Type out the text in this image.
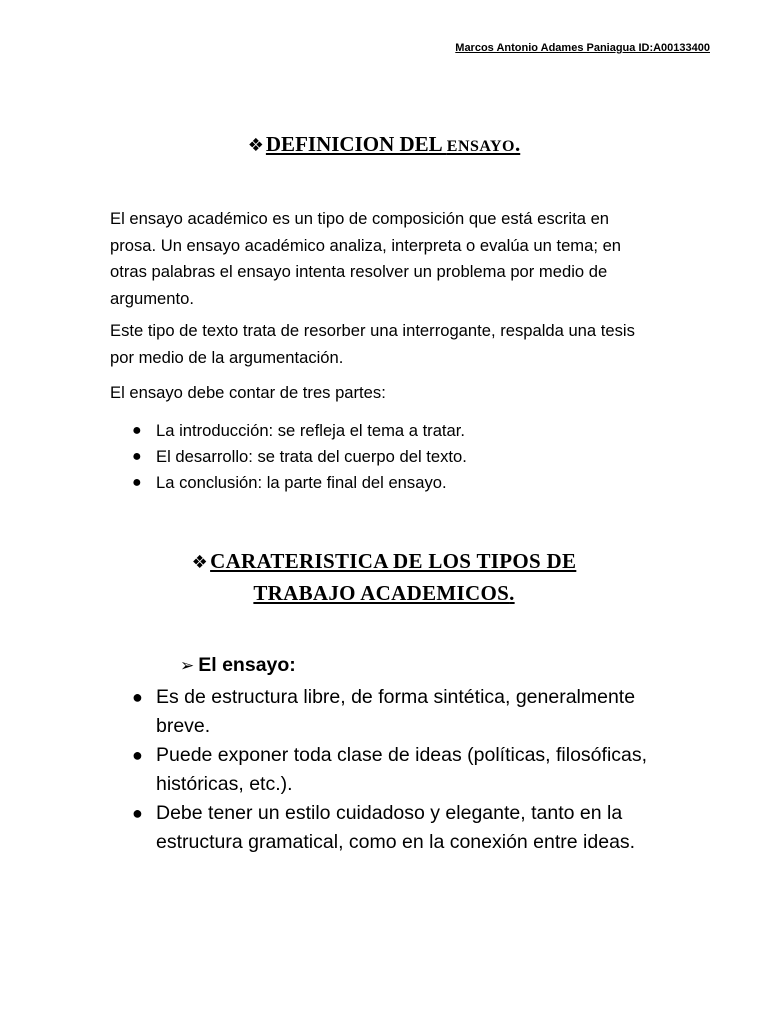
Marcos Antonio Adames Paniagua ID:A00133400
❖DEFINICION DEL ENSAYO.
El ensayo académico es un tipo de composición que está escrita en prosa. Un ensayo académico analiza, interpreta o evalúa un tema; en otras palabras el ensayo intenta resolver un problema por medio de argumento.
Este tipo de texto trata de resorber una interrogante, respalda una tesis por medio de la argumentación.
El ensayo debe contar de tres partes:
● La introducción: se refleja el tema a tratar.
● El desarrollo: se trata del cuerpo del texto.
● La conclusión: la parte final del ensayo.
❖CARATERISTICA DE LOS TIPOS DE
TRABAJO ACADEMICOS.
➢ El ensayo:
● Es de estructura libre, de forma sintética, generalmente breve.
● Puede exponer toda clase de ideas (políticas, filosóficas, históricas, etc.).
● Debe tener un estilo cuidadoso y elegante, tanto en la estructura gramatical, como en la conexión entre ideas.
